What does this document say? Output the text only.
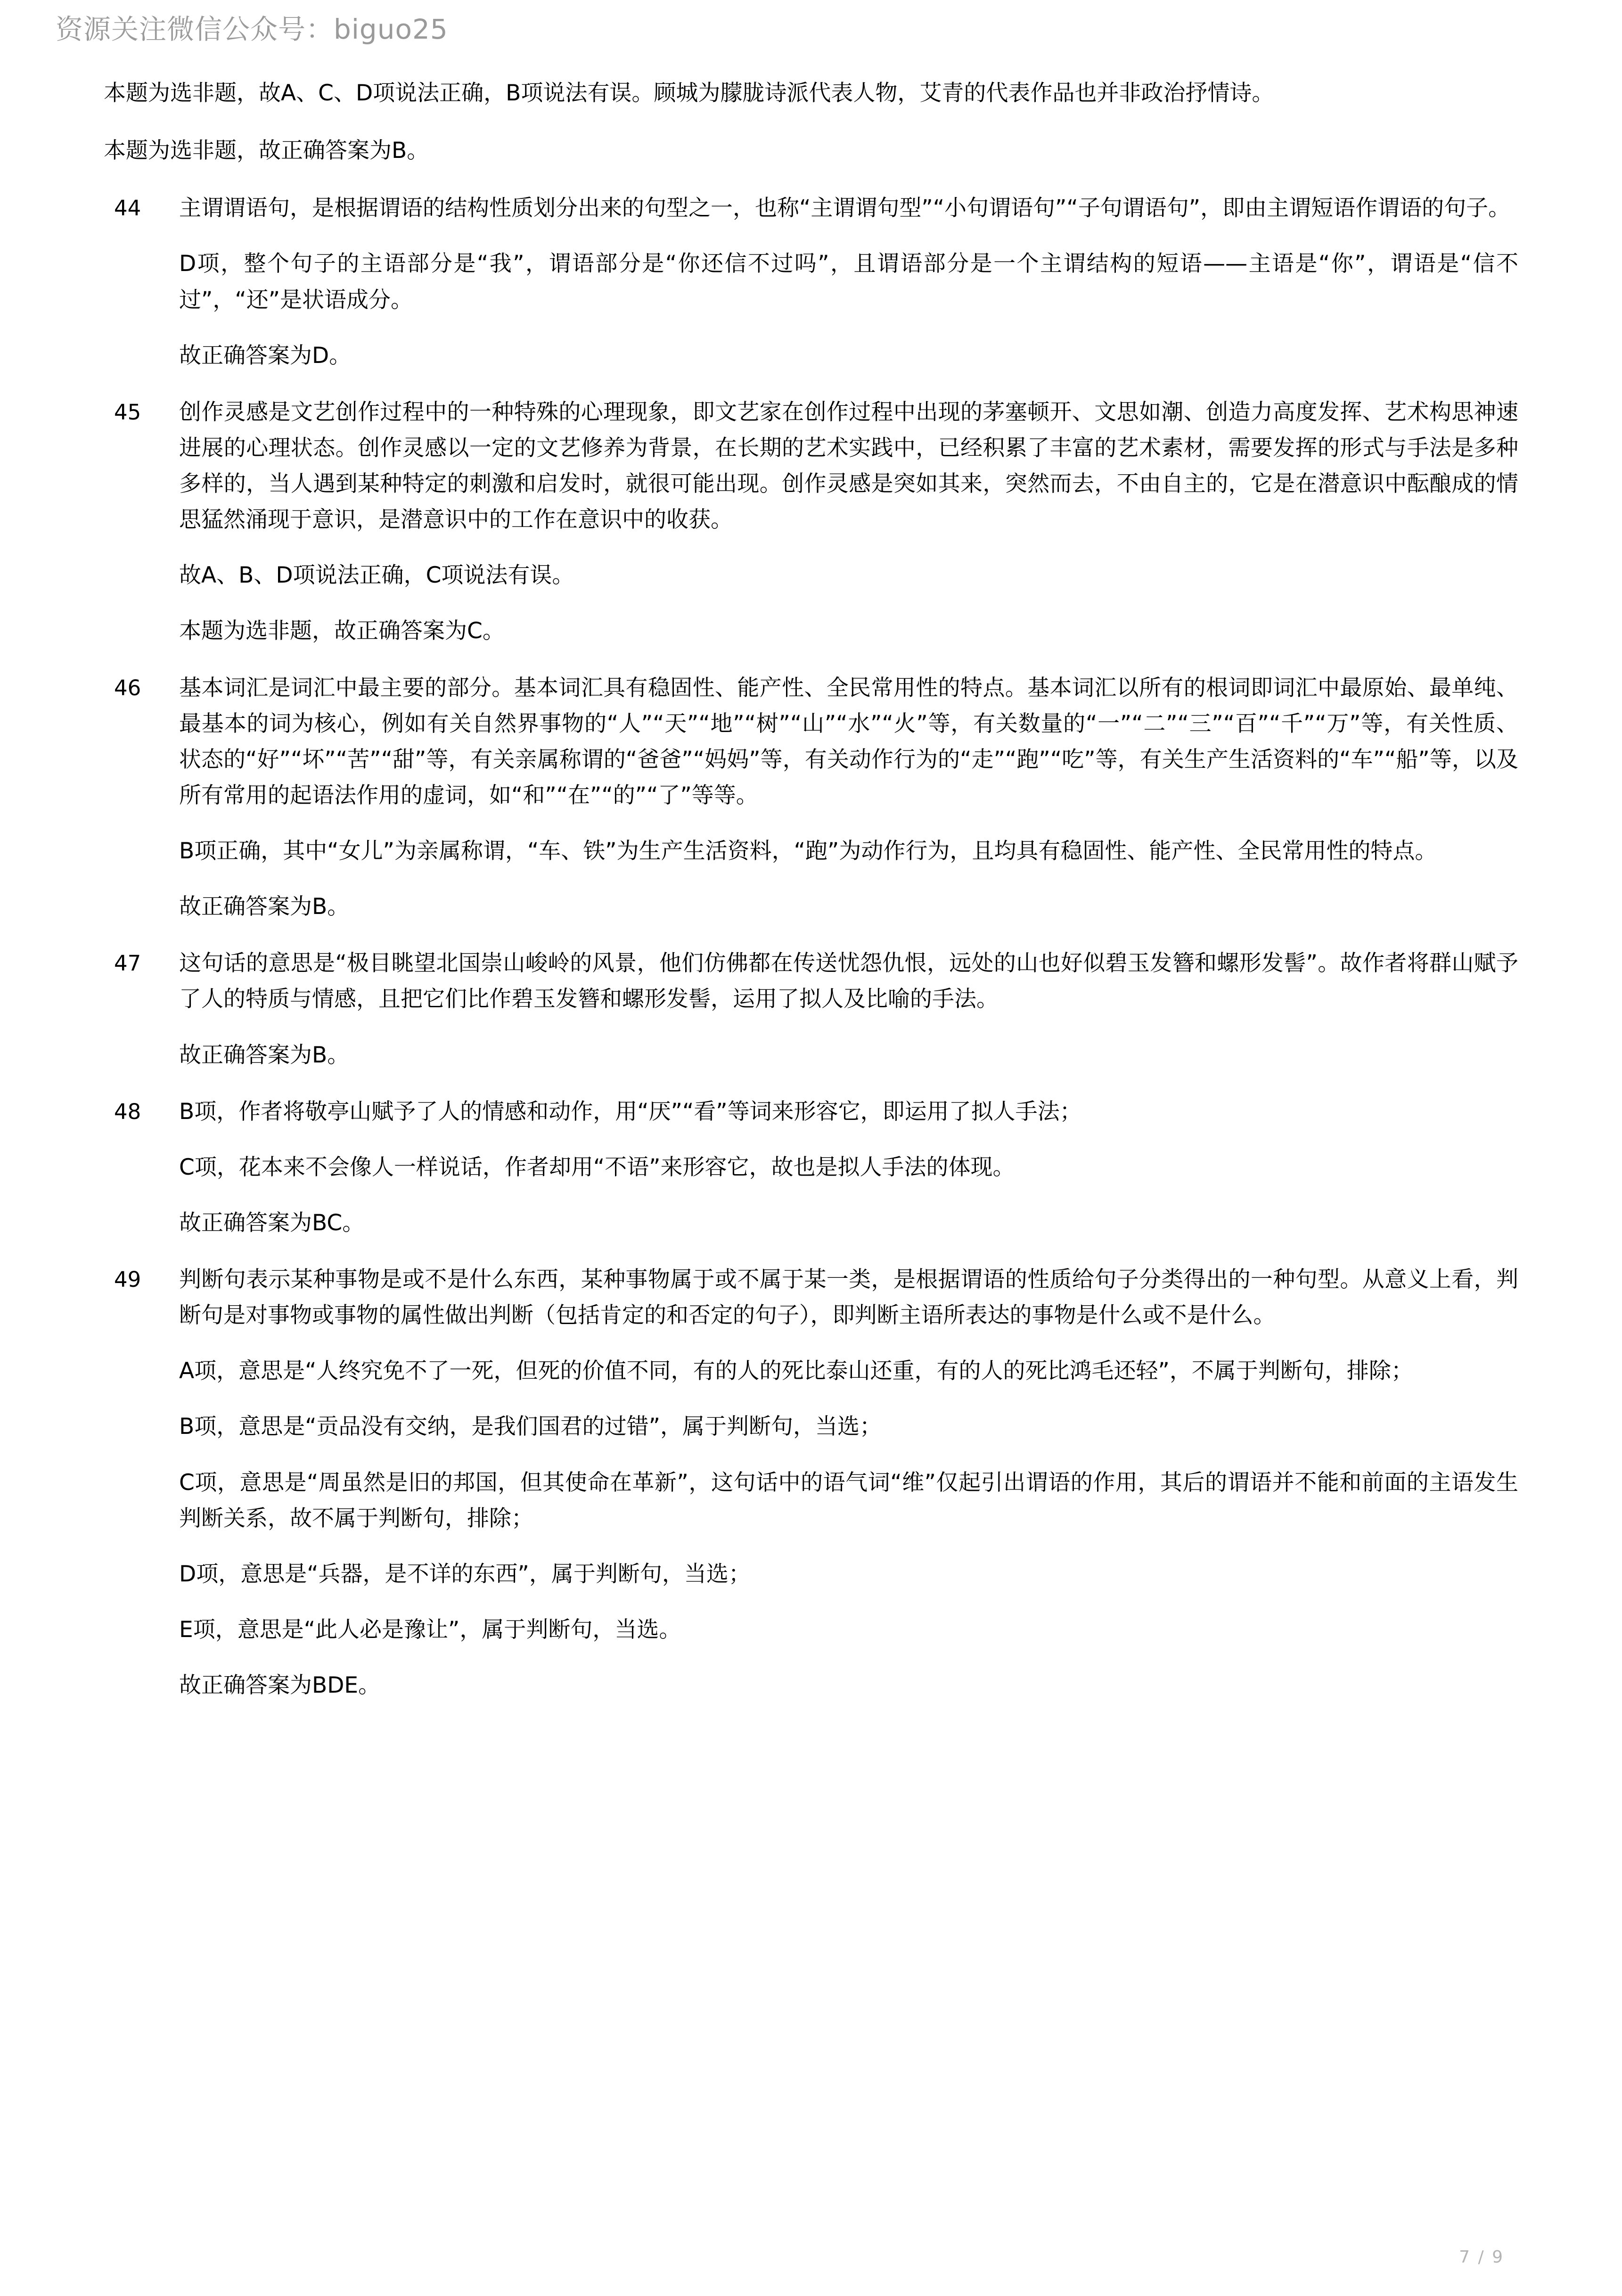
资源关注微信公众号：biguo25

本题为选非题，故A、C、D项说法正确，B项说法有误。顾城为朦胧诗派代表人物，艾青的代表作品也并非政治抒情诗。

本题为选非题，故正确答案为B。

44	主谓谓语句，是根据谓语的结构性质划分出来的句型之一，也称“主谓谓句型”“小句谓语句”“子句谓语句”，即由主谓短语作谓语的句子。

D项，整个句子的主语部分是“我”，谓语部分是“你还信不过吗”，且谓语部分是一个主谓结构的短语——主语是“你”，谓语是“信不过”，“还”是状语成分。

故正确答案为D。

45	创作灵感是文艺创作过程中的一种特殊的心理现象，即文艺家在创作过程中出现的茅塞顿开、文思如潮、创造力高度发挥、艺术构思神速进展的心理状态。创作灵感以一定的文艺修养为背景，在长期的艺术实践中，已经积累了丰富的艺术素材，需要发挥的形式与手法是多种多样的，当人遇到某种特定的刺激和启发时，就很可能出现。创作灵感是突如其来，突然而去，不由自主的，它是在潜意识中酝酿成的情思猛然涌现于意识，是潜意识中的工作在意识中的收获。

故A、B、D项说法正确，C项说法有误。

本题为选非题，故正确答案为C。

46	基本词汇是词汇中最主要的部分。基本词汇具有稳固性、能产性、全民常用性的特点。基本词汇以所有的根词即词汇中最原始、最单纯、最基本的词为核心，例如有关自然界事物的“人”“天”“地”“树”“山”“水”“火”等，有关数量的“一”“二”“三”“百”“千”“万”等，有关性质、状态的“好”“坏”“苦”“甜”等，有关亲属称谓的“爸爸”“妈妈”等，有关动作行为的“走”“跑”“吃”等，有关生产生活资料的“车”“船”等，以及所有常用的起语法作用的虚词，如“和”“在”“的”“了”等等。

B项正确，其中“女儿”为亲属称谓，“车、铁”为生产生活资料，“跑”为动作行为，且均具有稳固性、能产性、全民常用性的特点。

故正确答案为B。

47	这句话的意思是“极目眺望北国崇山峻岭的风景，他们仿佛都在传送忧怨仇恨，远处的山也好似碧玉发簪和螺形发髻”。故作者将群山赋予了人的特质与情感，且把它们比作碧玉发簪和螺形发髻，运用了拟人及比喻的手法。

故正确答案为B。

48	B项，作者将敬亭山赋予了人的情感和动作，用“厌”“看”等词来形容它，即运用了拟人手法；

C项，花本来不会像人一样说话，作者却用“不语”来形容它，故也是拟人手法的体现。

故正确答案为BC。

49	判断句表示某种事物是或不是什么东西，某种事物属于或不属于某一类，是根据谓语的性质给句子分类得出的一种句型。从意义上看，判断句是对事物或事物的属性做出判断（包括肯定的和否定的句子），即判断主语所表达的事物是什么或不是什么。

A项，意思是“人终究免不了一死，但死的价值不同，有的人的死比泰山还重，有的人的死比鸿毛还轻”，不属于判断句，排除；

B项，意思是“贡品没有交纳，是我们国君的过错”，属于判断句，当选；

C项，意思是“周虽然是旧的邦国，但其使命在革新”，这句话中的语气词“维”仅起引出谓语的作用，其后的谓语并不能和前面的主语发生判断关系，故不属于判断句，排除；

D项，意思是“兵器，是不详的东西”，属于判断句，当选；

E项，意思是“此人必是豫让”，属于判断句，当选。

故正确答案为BDE。

7 / 9
